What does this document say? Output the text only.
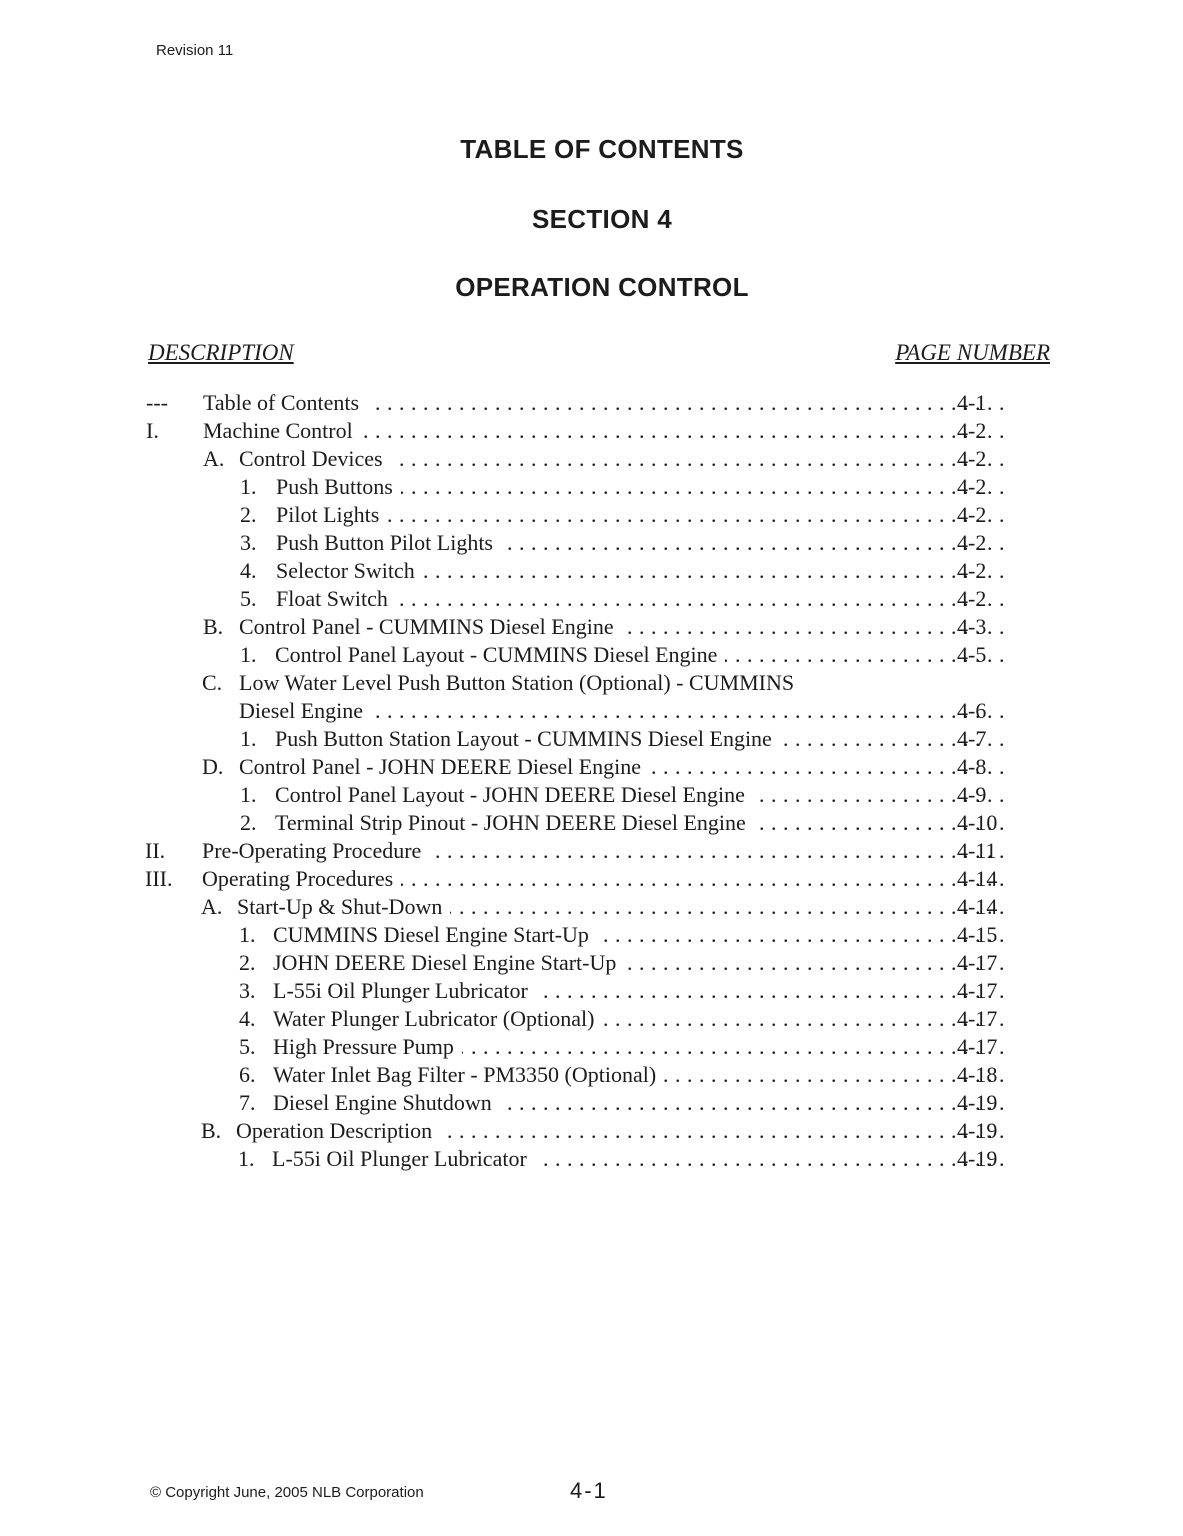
Revision 11
TABLE OF CONTENTS
SECTION 4
OPERATION CONTROL
DESCRIPTION	PAGE NUMBER
--- Table of Contents . . .	4-1
I. Machine Control . . .	4-2
A. Control Devices . . .	4-2
1. Push Buttons . . .	4-2
2. Pilot Lights . . .	4-2
3. Push Button Pilot Lights . . .	4-2
4. Selector Switch . . .	4-2
5. Float Switch . . .	4-2
B. Control Panel - CUMMINS Diesel Engine . . .	4-3
1. Control Panel Layout - CUMMINS Diesel Engine . . .	4-5
C. Low Water Level Push Button Station (Optional) - CUMMINS
Diesel Engine . . .	4-6
1. Push Button Station Layout - CUMMINS Diesel Engine . . .	4-7
D. Control Panel - JOHN DEERE Diesel Engine . . .	4-8
1. Control Panel Layout - JOHN DEERE Diesel Engine . . .	4-9
2. Terminal Strip Pinout - JOHN DEERE Diesel Engine . . .	4-10
II. Pre-Operating Procedure . . .	4-11
III. Operating Procedures . . .	4-14
A. Start-Up & Shut-Down . . .	4-14
1. CUMMINS Diesel Engine Start-Up . . .	4-15
2. JOHN DEERE Diesel Engine Start-Up . . .	4-17
3. L-55i Oil Plunger Lubricator . . .	4-17
4. Water Plunger Lubricator (Optional) . . .	4-17
5. High Pressure Pump . . .	4-17
6. Water Inlet Bag Filter - PM3350 (Optional) . . .	4-18
7. Diesel Engine Shutdown . . .	4-19
B. Operation Description . . .	4-19
1. L-55i Oil Plunger Lubricator . . .	4-19
© Copyright June, 2005 NLB Corporation	4-1
